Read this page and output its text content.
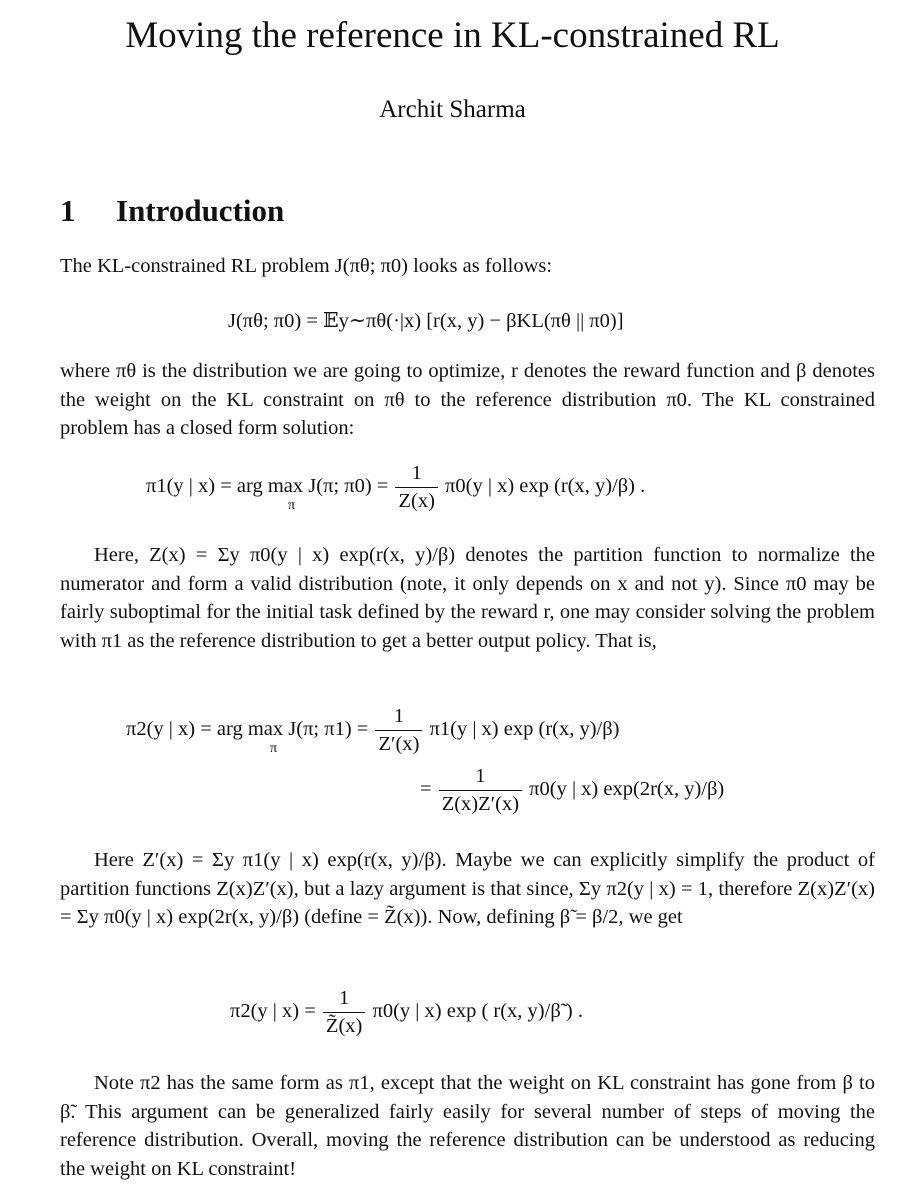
Moving the reference in KL-constrained RL
Archit Sharma
1 Introduction
The KL-constrained RL problem J(πθ; π0) looks as follows:
J(πθ; π0) = 𝔼y∼πθ(·|x) [r(x, y) − βKL(πθ || π0)]
where πθ is the distribution we are going to optimize, r denotes the reward function and β denotes the weight on the KL constraint on πθ to the reference distribution π0. The KL constrained problem has a closed form solution:
π1(y | x) = arg max J(π; $\pi 0) = \frac{1}{Z(x)} \pi 0(y$ | x) exp (r(x, y)/β) .
π
Here, Z(x) = Σy π0(y | x) exp(r(x, y)/β) denotes the partition function to normalize the numerator and form a valid distribution (note, it only depends on x and not y). Since π0 may be fairly suboptimal for the initial task defined by the reward r, one may consider solving the problem with π1 as the reference distribution to get a better output policy. That is,
π2(y | x) = arg max J(π; $\pi 1) = \frac{1}{Z'(x)} \pi 1(y$ | x) exp (r(x, y)/β)
π
= $\frac{1}{Z(x)Z'(x)} \pi 0(y$ | x) exp(2r(x, y)/β)
Here Z′(x) = Σy π1(y | x) exp(r(x, y)/β). Maybe we can explicitly simplify the product of partition functions Z(x)Z′(x), but a lazy argument is that since, Σy π2(y | x) = 1, therefore Z(x)Z′(x) = Σy π0(y | x) exp(2r(x, y)/β) (define = Z̃(x)). Now, defining β̃ = β/2, we get
π2(y | $x) = \frac{1}{Z̃(x)} \pi 0(y$ | x) exp ( r(x, y)/β̃ ) .
Note π2 has the same form as π1, except that the weight on KL constraint has gone from β to β̃. This argument can be generalized fairly easily for several number of steps of moving the reference distribution. Overall, moving the reference distribution can be understood as reducing the weight on KL constraint!
